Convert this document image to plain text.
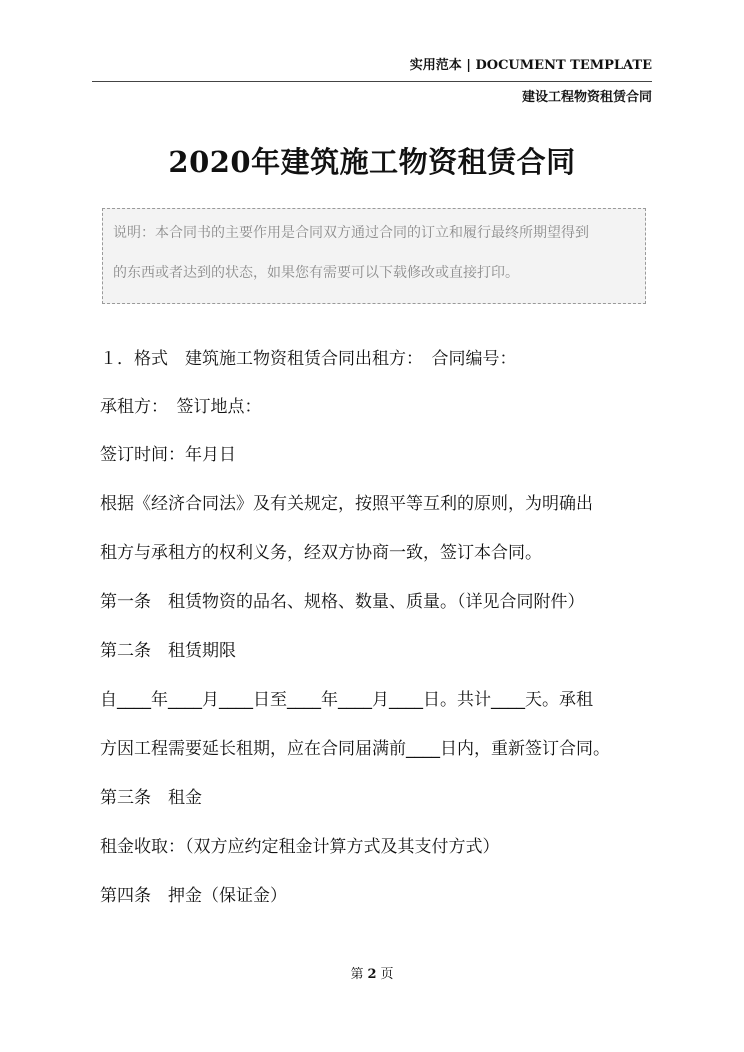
实用范本 | DOCUMENT TEMPLATE
建设工程物资租赁合同
2020年建筑施工物资租赁合同
说明：本合同书的主要作用是合同双方通过合同的订立和履行最终所期望得到
的东西或者达到的状态，如果您有需要可以下载修改或直接打印。
１．格式　建筑施工物资租赁合同出租方：　合同编号：
承租方：　签订地点：
签订时间：年月日
根据《经济合同法》及有关规定，按照平等互利的原则，为明确出
租方与承租方的权利义务，经双方协商一致，签订本合同。
第一条　租赁物资的品名、规格、数量、质量。（详见合同附件）
第二条　租赁期限
自____年____月____日至____年____月____日。共计____天。承租
方因工程需要延长租期，应在合同届满前____日内，重新签订合同。
第三条　租金
租金收取：（双方应约定租金计算方式及其支付方式）
第四条　押金（保证金）
第 2 页
